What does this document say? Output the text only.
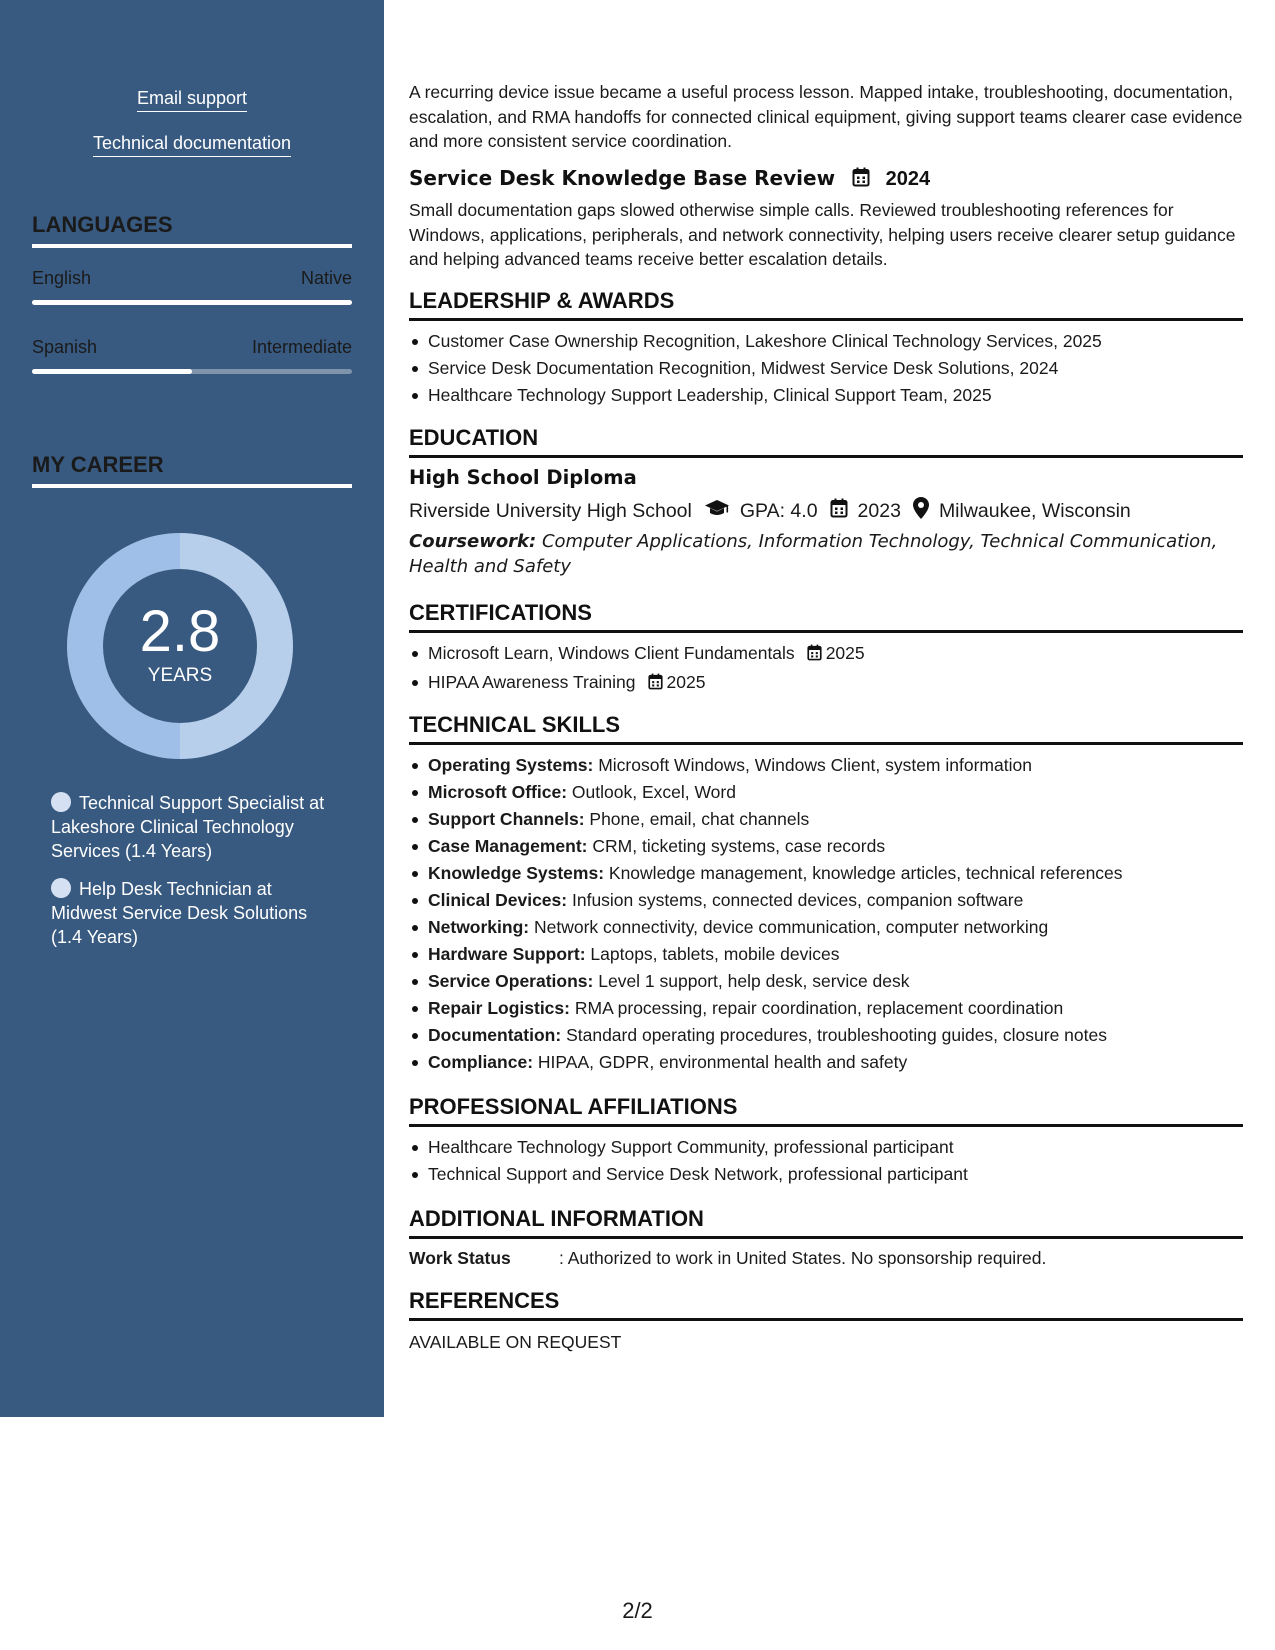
Email support
Technical documentation
LANGUAGES
English	Native
Spanish	Intermediate
MY CAREER
2.8
YEARS
Technical Support Specialist at Lakeshore Clinical Technology Services (1.4 Years)
Help Desk Technician at Midwest Service Desk Solutions (1.4 Years)
A recurring device issue became a useful process lesson. Mapped intake, troubleshooting, documentation, escalation, and RMA handoffs for connected clinical equipment, giving support teams clearer case evidence and more consistent service coordination.
Service Desk Knowledge Base Review	2024
Small documentation gaps slowed otherwise simple calls. Reviewed troubleshooting references for Windows, applications, peripherals, and network connectivity, helping users receive clearer setup guidance and helping advanced teams receive better escalation details.
LEADERSHIP & AWARDS
Customer Case Ownership Recognition, Lakeshore Clinical Technology Services, 2025
Service Desk Documentation Recognition, Midwest Service Desk Solutions, 2024
Healthcare Technology Support Leadership, Clinical Support Team, 2025
EDUCATION
High School Diploma
Riverside University High School GPA: 4.0 2023 Milwaukee, Wisconsin
Coursework: Computer Applications, Information Technology, Technical Communication, Health and Safety
CERTIFICATIONS
Microsoft Learn, Windows Client Fundamentals 2025
HIPAA Awareness Training 2025
TECHNICAL SKILLS
Operating Systems: Microsoft Windows, Windows Client, system information
Microsoft Office: Outlook, Excel, Word
Support Channels: Phone, email, chat channels
Case Management: CRM, ticketing systems, case records
Knowledge Systems: Knowledge management, knowledge articles, technical references
Clinical Devices: Infusion systems, connected devices, companion software
Networking: Network connectivity, device communication, computer networking
Hardware Support: Laptops, tablets, mobile devices
Service Operations: Level 1 support, help desk, service desk
Repair Logistics: RMA processing, repair coordination, replacement coordination
Documentation: Standard operating procedures, troubleshooting guides, closure notes
Compliance: HIPAA, GDPR, environmental health and safety
PROFESSIONAL AFFILIATIONS
Healthcare Technology Support Community, professional participant
Technical Support and Service Desk Network, professional participant
ADDITIONAL INFORMATION
Work Status	: Authorized to work in United States. No sponsorship required.
REFERENCES
AVAILABLE ON REQUEST
2/2
